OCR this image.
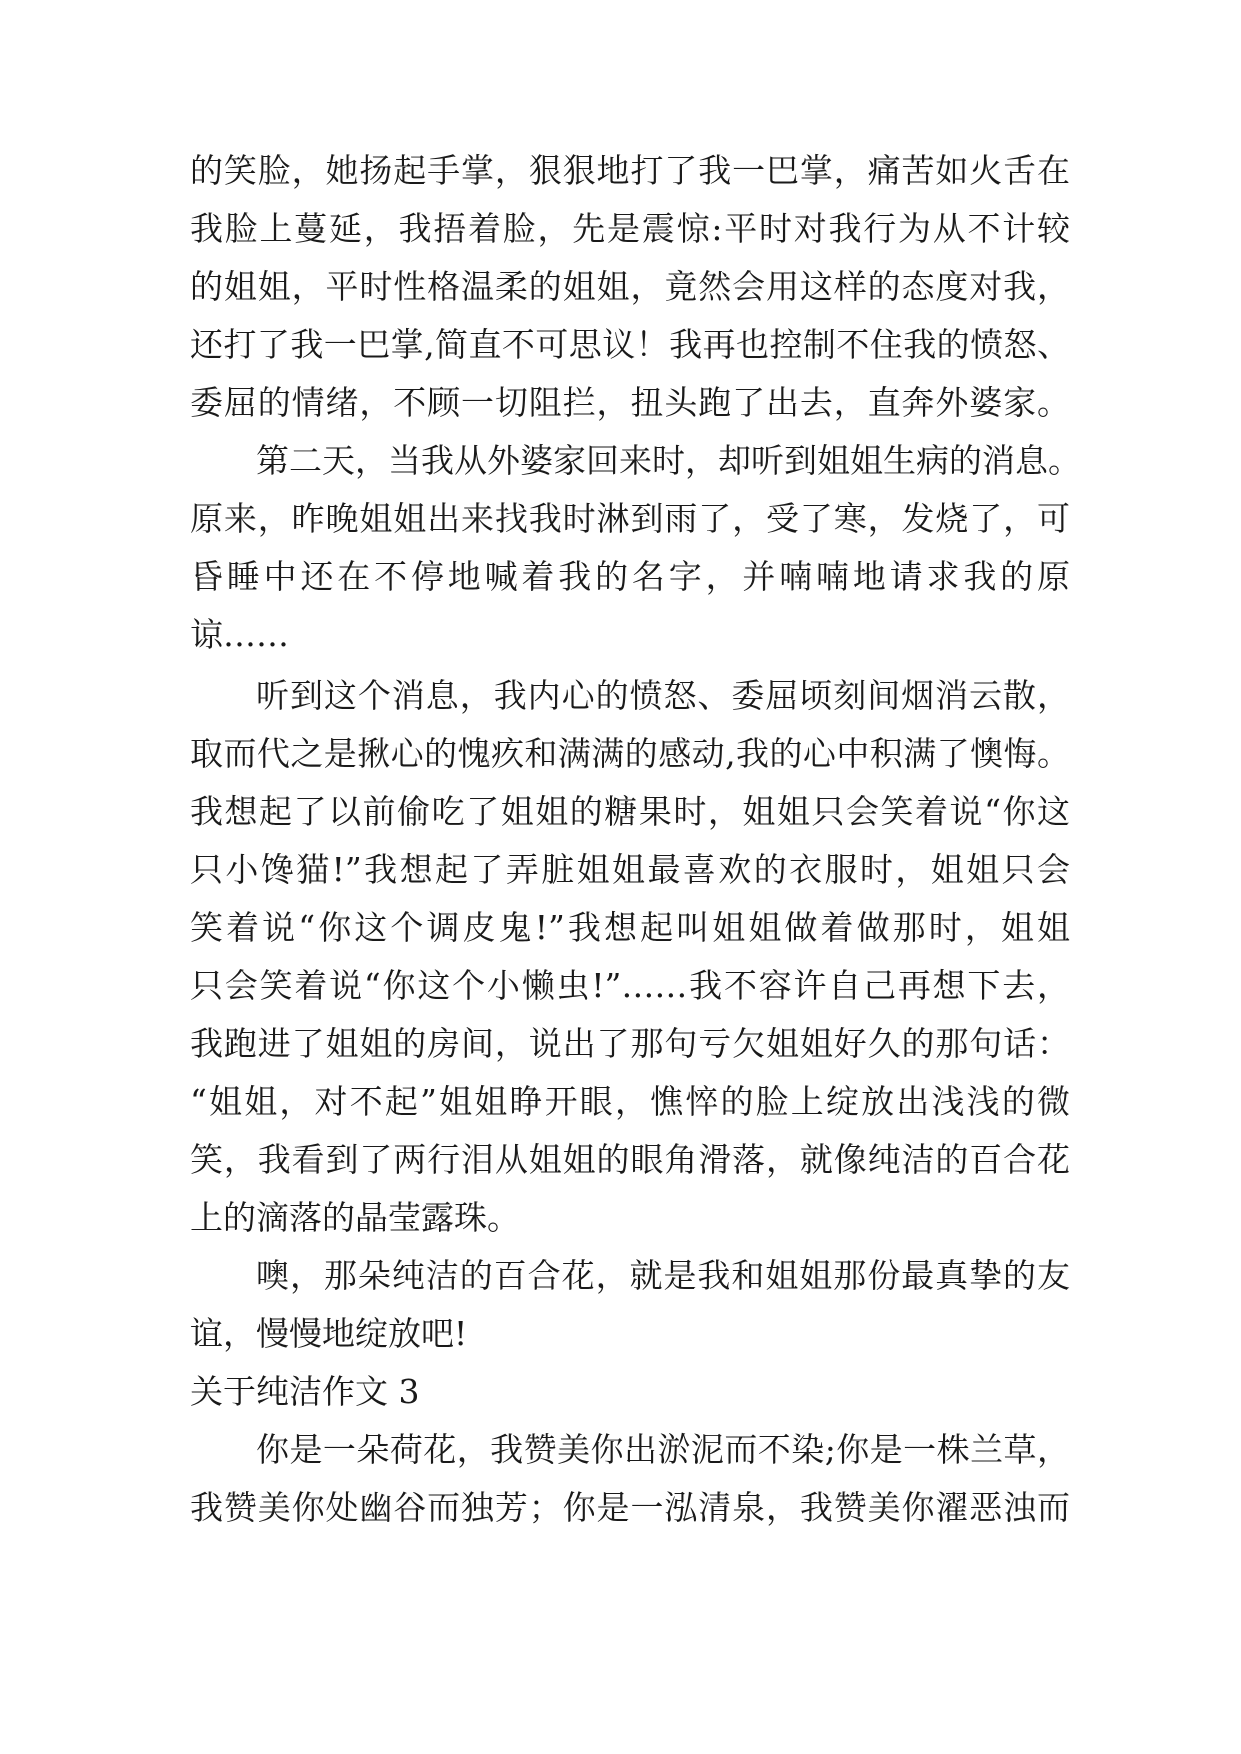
的笑脸，她扬起手掌，狠狠地打了我一巴掌，痛苦如火舌在
我脸上蔓延，我捂着脸，先是震惊:平时对我行为从不计较
的姐姐，平时性格温柔的姐姐，竟然会用这样的态度对我，
还打了我一巴掌,简直不可思议！我再也控制不住我的愤怒、
委屈的情绪，不顾一切阻拦，扭头跑了出去，直奔外婆家。
第二天，当我从外婆家回来时，却听到姐姐生病的消息。
原来，昨晚姐姐出来找我时淋到雨了，受了寒，发烧了，可
昏睡中还在不停地喊着我的名字，并喃喃地请求我的原
谅……
听到这个消息，我内心的愤怒、委屈顷刻间烟消云散，
取而代之是揪心的愧疚和满满的感动,我的心中积满了懊悔。
我想起了以前偷吃了姐姐的糖果时，姐姐只会笑着说“你这
只小馋猫!”我想起了弄脏姐姐最喜欢的衣服时，姐姐只会
笑着说“你这个调皮鬼!”我想起叫姐姐做着做那时，姐姐
只会笑着说“你这个小懒虫!”……我不容许自己再想下去，
我跑进了姐姐的房间，说出了那句亏欠姐姐好久的那句话：
“姐姐，对不起”姐姐睁开眼，憔悴的脸上绽放出浅浅的微
笑，我看到了两行泪从姐姐的眼角滑落，就像纯洁的百合花
上的滴落的晶莹露珠。
噢，那朵纯洁的百合花，就是我和姐姐那份最真挚的友
谊，慢慢地绽放吧!
关于纯洁作文 3
你是一朵荷花，我赞美你出淤泥而不染;你是一株兰草，
我赞美你处幽谷而独芳；你是一泓清泉，我赞美你濯恶浊而
